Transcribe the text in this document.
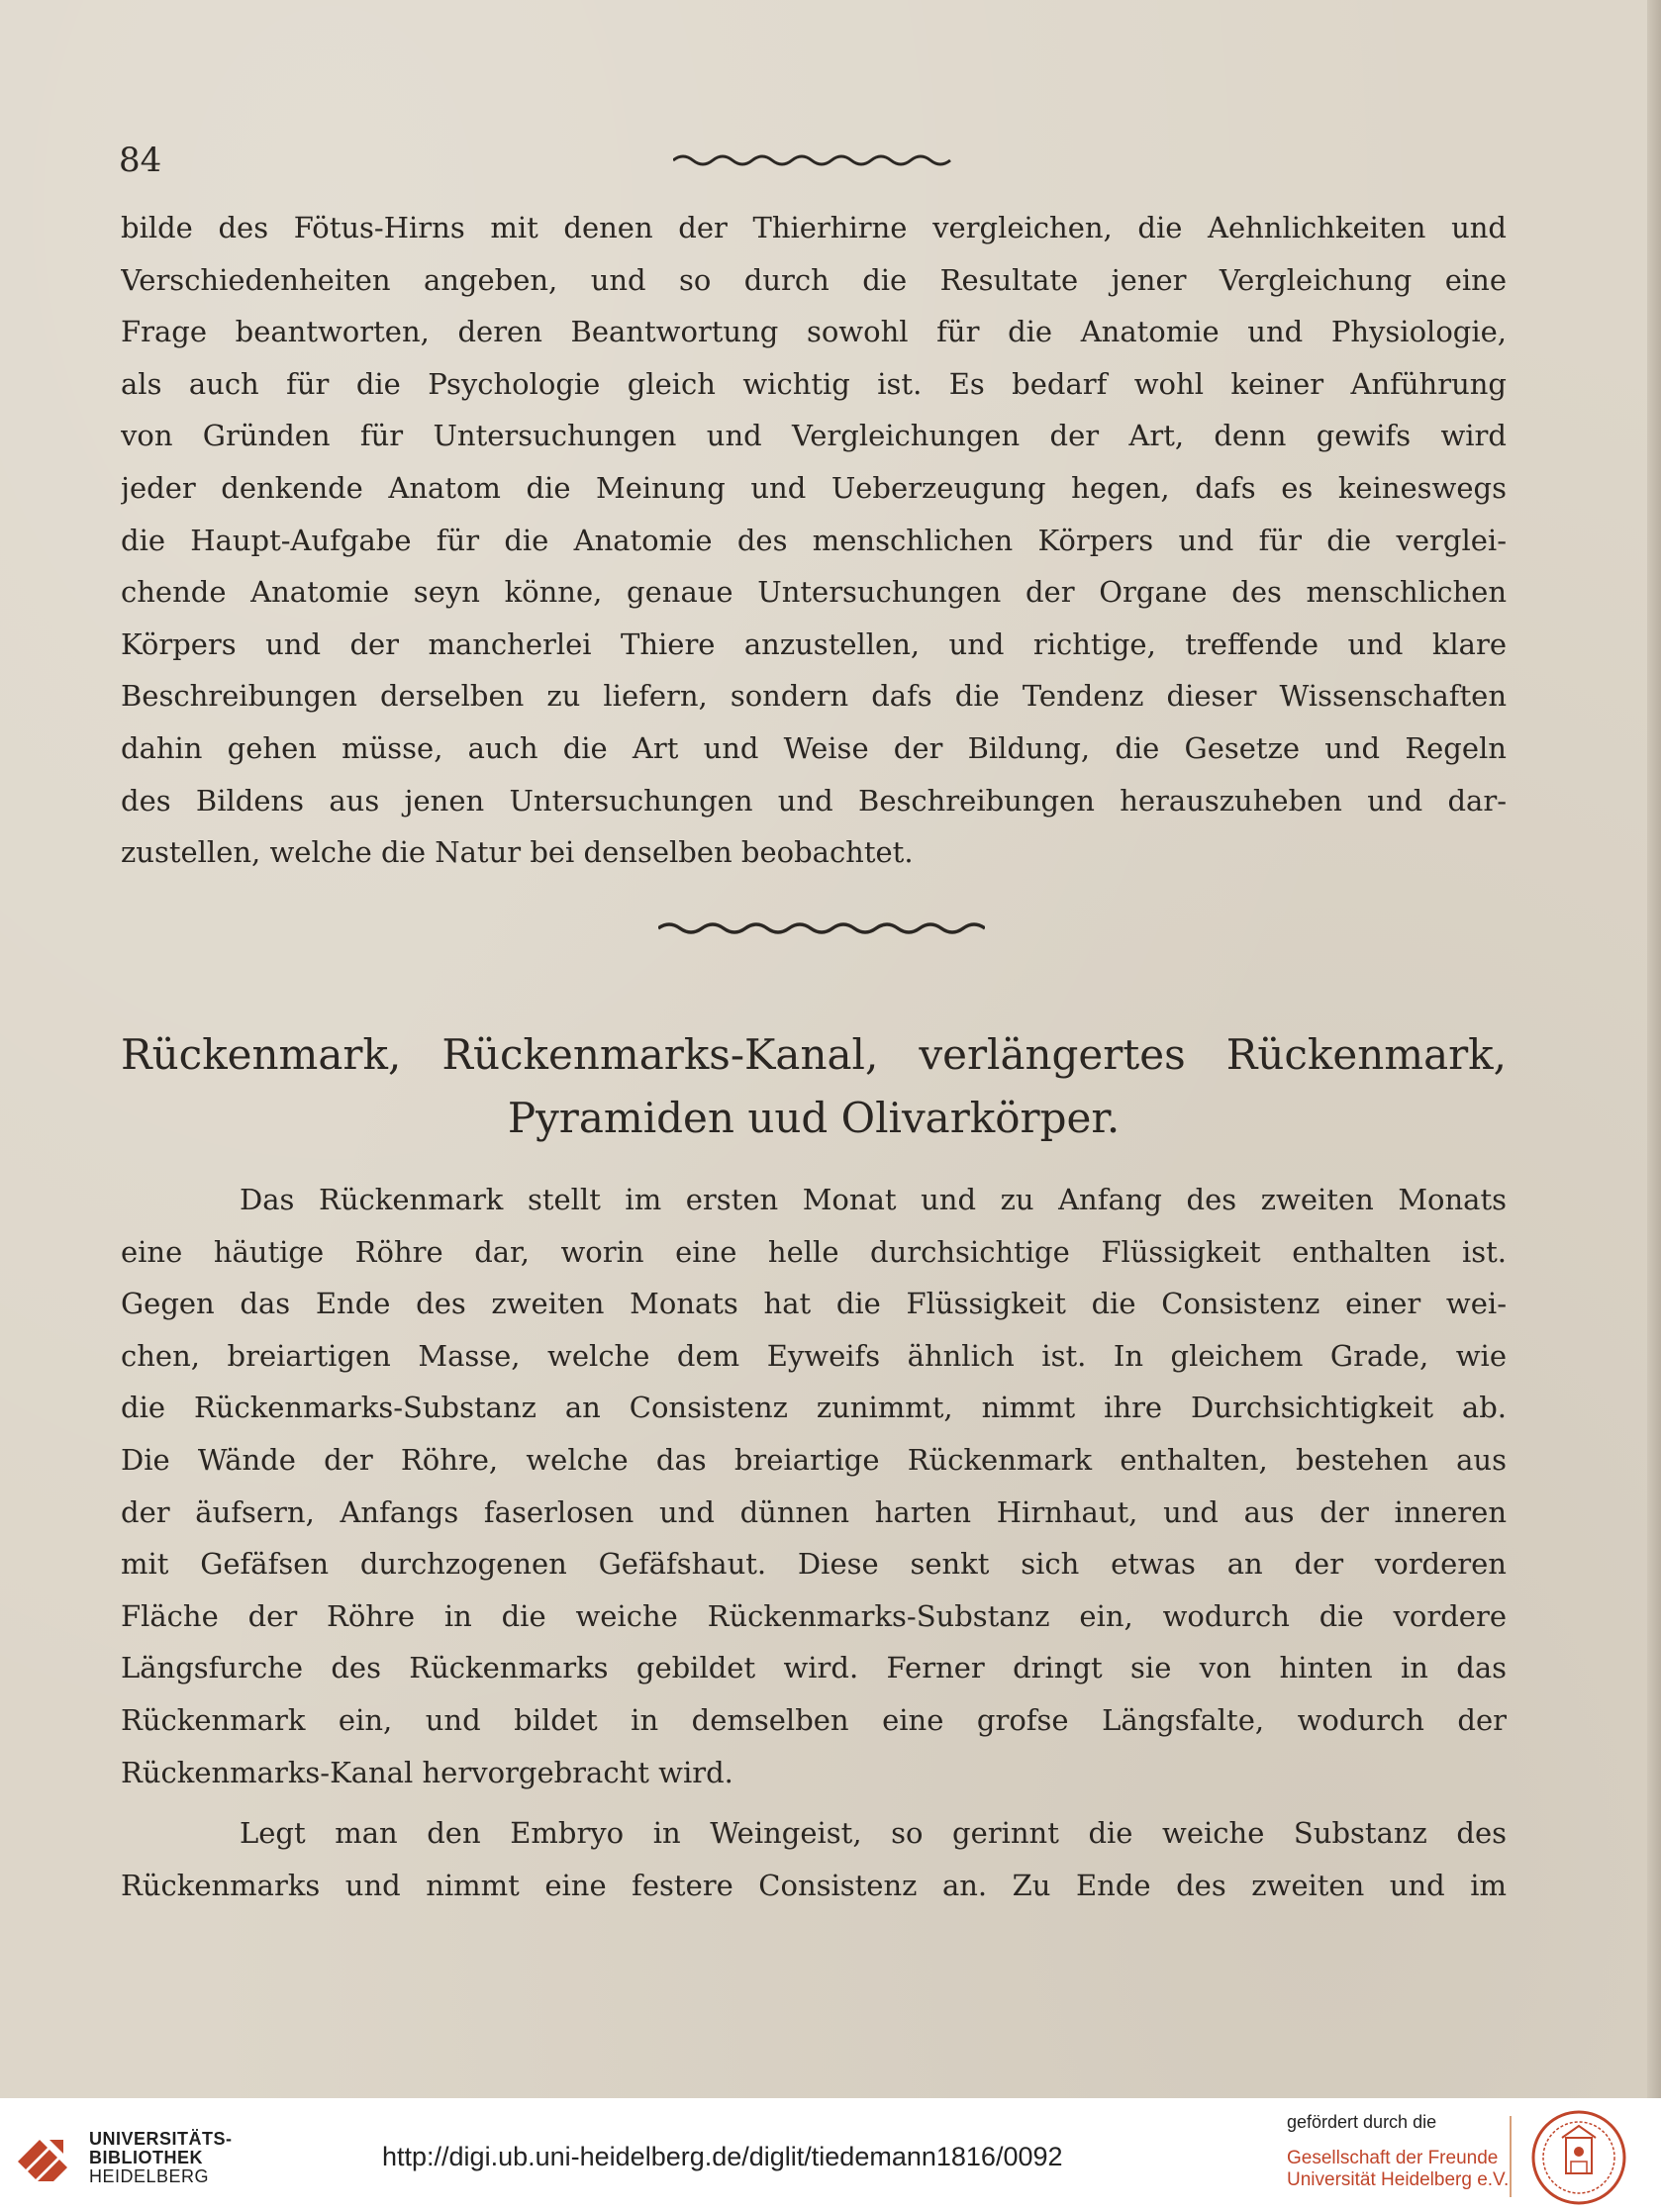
84
bilde des Fötus-Hirns mit denen der Thierhirne vergleichen, die Aehnlichkeiten und
Verschiedenheiten angeben, und so durch die Resultate jener Vergleichung eine
Frage beantworten, deren Beantwortung sowohl für die Anatomie und Physiologie,
als auch für die Psychologie gleich wichtig ist. Es bedarf wohl keiner Anführung
von Gründen für Untersuchungen und Vergleichungen der Art, denn gewifs wird
jeder denkende Anatom die Meinung und Ueberzeugung hegen, dafs es keineswegs
die Haupt-Aufgabe für die Anatomie des menschlichen Körpers und für die verglei-
chende Anatomie seyn könne, genaue Untersuchungen der Organe des menschlichen
Körpers und der mancherlei Thiere anzustellen, und richtige, treffende und klare
Beschreibungen derselben zu liefern, sondern dafs die Tendenz dieser Wissenschaften
dahin gehen müsse, auch die Art und Weise der Bildung, die Gesetze und Regeln
des Bildens aus jenen Untersuchungen und Beschreibungen herauszuheben und dar-
zustellen, welche die Natur bei denselben beobachtet.
Rückenmark, Rückenmarks-Kanal, verlängertes Rückenmark,
Pyramiden uud Olivarkörper.
Das Rückenmark stellt im ersten Monat und zu Anfang des zweiten Monats
eine häutige Röhre dar, worin eine helle durchsichtige Flüssigkeit enthalten ist.
Gegen das Ende des zweiten Monats hat die Flüssigkeit die Consistenz einer wei-
chen, breiartigen Masse, welche dem Eyweifs ähnlich ist. In gleichem Grade, wie
die Rückenmarks-Substanz an Consistenz zunimmt, nimmt ihre Durchsichtigkeit ab.
Die Wände der Röhre, welche das breiartige Rückenmark enthalten, bestehen aus
der äufsern, Anfangs faserlosen und dünnen harten Hirnhaut, und aus der inneren
mit Gefäfsen durchzogenen Gefäfshaut. Diese senkt sich etwas an der vorderen
Fläche der Röhre in die weiche Rückenmarks-Substanz ein, wodurch die vordere
Längsfurche des Rückenmarks gebildet wird. Ferner dringt sie von hinten in das
Rückenmark ein, und bildet in demselben eine grofse Längsfalte, wodurch der
Rückenmarks-Kanal hervorgebracht wird.
Legt man den Embryo in Weingeist, so gerinnt die weiche Substanz des
Rückenmarks und nimmt eine festere Consistenz an. Zu Ende des zweiten und im
UNIVERSITÄTS-
BIBLIOTHEK
HEIDELBERG
http://digi.ub.uni-heidelberg.de/diglit/tiedemann1816/0092
gefördert durch die
Gesellschaft der Freunde
Universität Heidelberg e.V.
